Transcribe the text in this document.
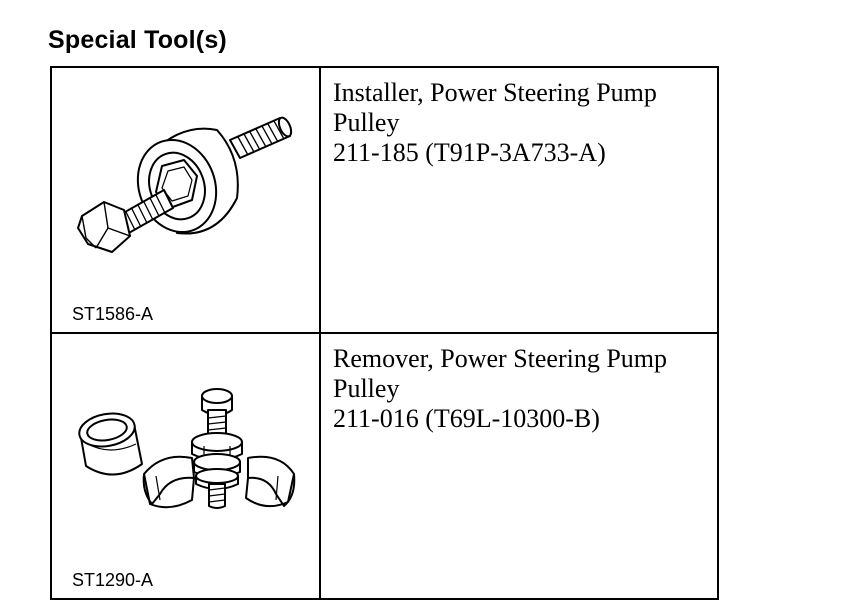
Special Tool(s)
ST1586-A	Installer, Power Steering Pump
Pulley
211-185 (T91P-3A733-A)

ST1290-A	Remover, Power Steering Pump
Pulley
211-016 (T69L-10300-B)
